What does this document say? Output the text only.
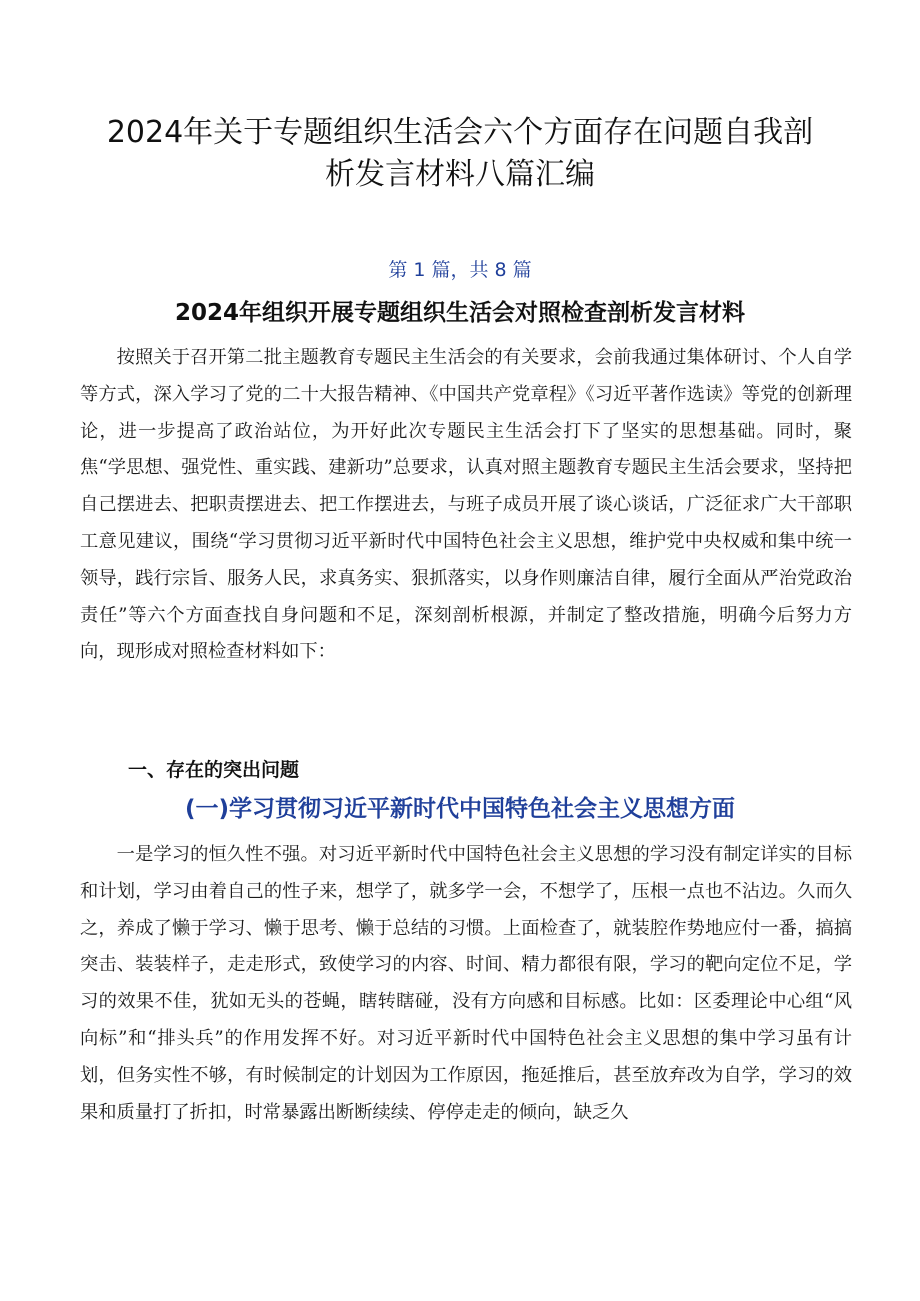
2024年关于专题组织生活会六个方面存在问题自我剖析发言材料八篇汇编

第 1 篇，共 8 篇

2024年组织开展专题组织生活会对照检查剖析发言材料

按照关于召开第二批主题教育专题民主生活会的有关要求，会前我通过集体研讨、个人自学等方式，深入学习了党的二十大报告精神、《中国共产党章程》《习近平著作选读》等党的创新理论，进一步提高了政治站位，为开好此次专题民主生活会打下了坚实的思想基础。同时，聚焦“学思想、强党性、重实践、建新功”总要求，认真对照主题教育专题民主生活会要求，坚持把自己摆进去、把职责摆进去、把工作摆进去，与班子成员开展了谈心谈话，广泛征求广大干部职工意见建议，围绕“学习贯彻习近平新时代中国特色社会主义思想，维护党中央权威和集中统一领导，践行宗旨、服务人民，求真务实、狠抓落实，以身作则廉洁自律，履行全面从严治党政治责任”等六个方面查找自身问题和不足，深刻剖析根源，并制定了整改措施，明确今后努力方向，现形成对照检查材料如下：

一、存在的突出问题
(一)学习贯彻习近平新时代中国特色社会主义思想方面

一是学习的恒久性不强。对习近平新时代中国特色社会主义思想的学习没有制定详实的目标和计划，学习由着自己的性子来，想学了，就多学一会，不想学了，压根一点也不沾边。久而久之，养成了懒于学习、懒于思考、懒于总结的习惯。上面检查了，就装腔作势地应付一番，搞搞突击、装装样子，走走形式，致使学习的内容、时间、精力都很有限，学习的靶向定位不足，学习的效果不佳，犹如无头的苍蝇，瞎转瞎碰，没有方向感和目标感。比如：区委理论中心组“风向标”和“排头兵”的作用发挥不好。对习近平新时代中国特色社会主义思想的集中学习虽有计划，但务实性不够，有时候制定的计划因为工作原因，拖延推后，甚至放弃改为自学，学习的效果和质量打了折扣，时常暴露出断断续续、停停走走的倾向，缺乏久
